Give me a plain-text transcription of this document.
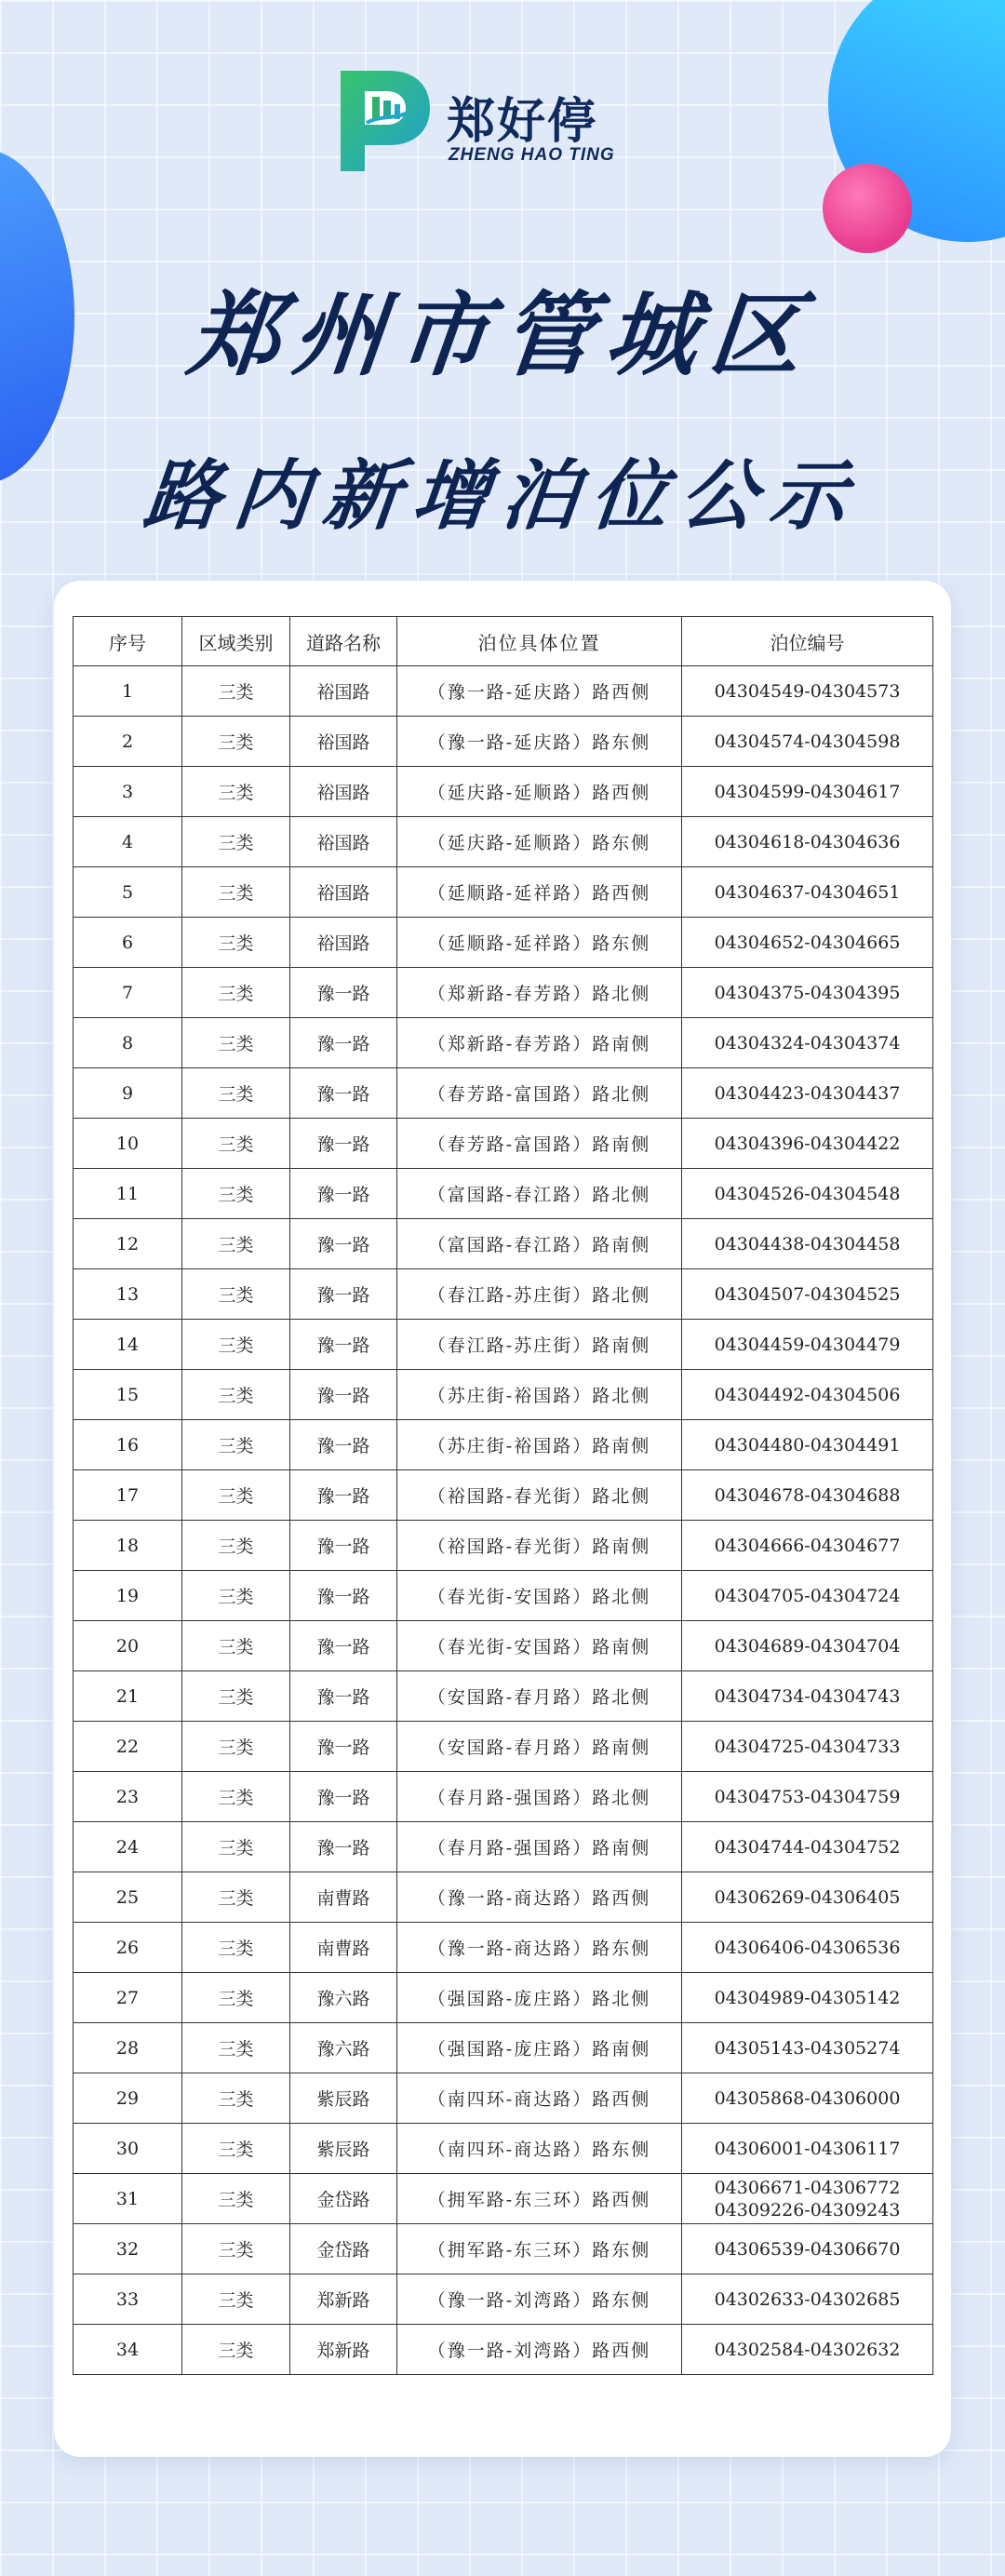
郑好停
ZHENG HAO TING
郑州市管城区
路内新增泊位公示
序号	区域类别	道路名称	泊位具体位置	泊位编号
1	三类	裕国路	（豫一路-延庆路）路西侧	04304549-04304573
2	三类	裕国路	（豫一路-延庆路）路东侧	04304574-04304598
3	三类	裕国路	（延庆路-延顺路）路西侧	04304599-04304617
4	三类	裕国路	（延庆路-延顺路）路东侧	04304618-04304636
5	三类	裕国路	（延顺路-延祥路）路西侧	04304637-04304651
6	三类	裕国路	（延顺路-延祥路）路东侧	04304652-04304665
7	三类	豫一路	（郑新路-春芳路）路北侧	04304375-04304395
8	三类	豫一路	（郑新路-春芳路）路南侧	04304324-04304374
9	三类	豫一路	（春芳路-富国路）路北侧	04304423-04304437
10	三类	豫一路	（春芳路-富国路）路南侧	04304396-04304422
11	三类	豫一路	（富国路-春江路）路北侧	04304526-04304548
12	三类	豫一路	（富国路-春江路）路南侧	04304438-04304458
13	三类	豫一路	（春江路-苏庄街）路北侧	04304507-04304525
14	三类	豫一路	（春江路-苏庄街）路南侧	04304459-04304479
15	三类	豫一路	（苏庄街-裕国路）路北侧	04304492-04304506
16	三类	豫一路	（苏庄街-裕国路）路南侧	04304480-04304491
17	三类	豫一路	（裕国路-春光街）路北侧	04304678-04304688
18	三类	豫一路	（裕国路-春光街）路南侧	04304666-04304677
19	三类	豫一路	（春光街-安国路）路北侧	04304705-04304724
20	三类	豫一路	（春光街-安国路）路南侧	04304689-04304704
21	三类	豫一路	（安国路-春月路）路北侧	04304734-04304743
22	三类	豫一路	（安国路-春月路）路南侧	04304725-04304733
23	三类	豫一路	（春月路-强国路）路北侧	04304753-04304759
24	三类	豫一路	（春月路-强国路）路南侧	04304744-04304752
25	三类	南曹路	（豫一路-商达路）路西侧	04306269-04306405
26	三类	南曹路	（豫一路-商达路）路东侧	04306406-04306536
27	三类	豫六路	（强国路-庞庄路）路北侧	04304989-04305142
28	三类	豫六路	（强国路-庞庄路）路南侧	04305143-04305274
29	三类	紫辰路	（南四环-商达路）路西侧	04305868-04306000
30	三类	紫辰路	（南四环-商达路）路东侧	04306001-04306117
31	三类	金岱路	（拥军路-东三环）路西侧	04306671-04306772
04309226-04309243

32	三类	金岱路	（拥军路-东三环）路东侧	04306539-04306670
33	三类	郑新路	（豫一路-刘湾路）路东侧	04302633-04302685
34	三类	郑新路	（豫一路-刘湾路）路西侧	04302584-04302632
